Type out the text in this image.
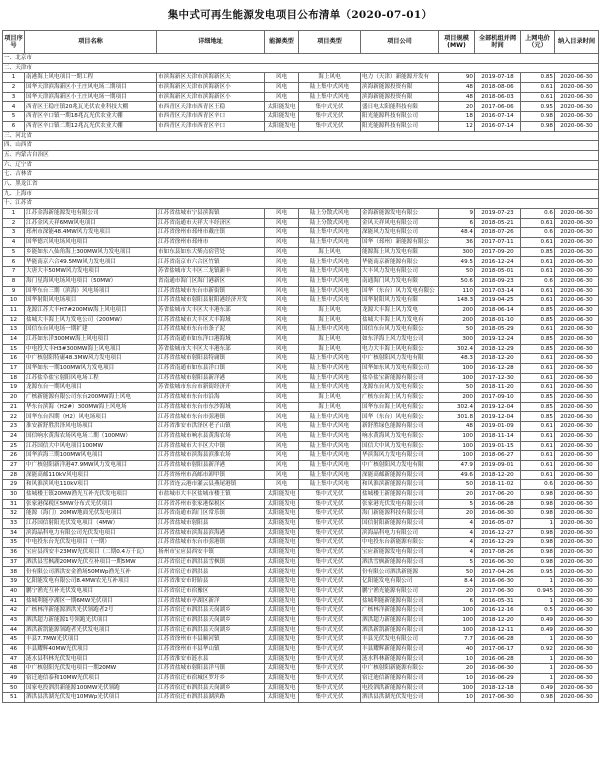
集中式可再生能源发电项目公布清单（2020-07-01）
项目序号	项目名称	详细地址	能源类型	项目类型	项目公司	项目规模(MW)	全部机组并网时间	上网电价（元）	纳入目录时间
一、北京市									
二、天津市									
1	南港海上风电项目一期工程	市滨海新区天津市滨海新区天	风电	海上风电	电力（天津）新能源开发有	90	2019-07-18	0.85	2020-06-30
2	国华天津滨海新区小王庄风电场二期项目	市滨海新区天津市滨海新区小	风电	陆上集中式风电	滨海新能源投资有限	48	2018-08-06	0.61	2020-06-30
3	国华天津滨海新区小王庄风电场一期项目	市滨海新区天津市滨海新区小	风电	陆上集中式风电	滨海新能源投资有限	48	2018-06-03	0.61	2020-06-30
4	西青区王稳庄镇20兆瓦光伏农业科技大棚	市西青区天津市西青区王稳	太阳能发电	集中式光伏	盛日电太阳能科技有限	20	2017-06-06	0.95	2020-06-30
5	西青区辛口镇一期18兆瓦光伏农业大棚	市西青区天津市西青区辛口	太阳能发电	集中式光伏	阳光能源科技有限公司	18	2016-07-14	0.98	2020-06-30
6	西青区辛口镇二期12兆瓦光伏农业大棚	市西青区天津市西青区辛口	太阳能发电	集中式光伏	阳光能源科技有限公司	12	2016-07-14	0.98	2020-06-30
三、河北省									
四、山西省									
五、内蒙古自治区									
六、辽宁省									
七、吉林省									
八、黑龙江省									
九、上海市									
十、江苏省									
1	江苏金海新能源发电有限公司	江苏省盐城市宁县滨海镇	风电	陆上分散式风电	金海新能源发电有限公	9	2019-07-23	0.6	2020-06-30
2	江苏金风天祥6MW风电项目	江苏省南通市天祥大丰经济区	风电	陆上分散式风电	金风天祥风电有限公司	6	2018-05-21	0.61	2020-06-30
3	邳州市深能48.4MW风力发电项目	江苏省徐州市邳州市戴庄镇	风电	陆上集中式风电	深能风力发电有限公司	48.4	2018-07-26	0.6	2020-06-30
4	国华德兴风电场风电项目	江苏省徐州市邳州市	风电	陆上集中式风电	国华（邳州）新能源有限公	36	2017-07-11	0.61	2020-06-30
5	乡能如东八仙角海上300MW风力发电项目	市如东县如东大柴点宿营处	风电	海上风电	能源海上风力发电有限	300	2017-09-20	0.85	2020-06-30
6	华能南京六合49.5MW风力发电项目	江苏省南京市六合区竹镇	风电	陆上集中式风电	华能南京新能源有限公	49.5	2016-12-24	0.61	2020-06-30
7	大唐大丰50MW风力发电项目	苏省盐城市大丰区三龙镇新丰	风电	陆上集中式风电	大丰风力发电有限公司	50	2018-05-01	0.61	2020-06-30
8	海门星海风电场风电项目（50MW）	省南通市海门区海门港新区	风电	陆上集中式风电	南通海门风力发电有限	50.6	2018-09-23	0.6	2020-06-30
9	国华东台三期（滨海）风电场项目	江苏省盐城市东台市新街镇	风电	陆上集中式风电	国华（东台）风力发电有限公	110	2017-03-14	0.61	2020-06-30
10	国华射阳风电场项目	江苏省盐城市射阳县射阳港经济开发	风电	陆上集中式风电	国华射阳风力发电有限	148.3	2019-04-25	0.61	2020-06-30
11	龙源江苏大丰H7#200MW海上风电项目	苏省盐城市大丰区大丰港东部	风电	海上风电	龙源大丰海上风力发电	200	2018-06-14	0.85	2020-06-30
12	盐城大丰海上风力发电公司（200MW）	江苏省盐城市大丰区大丰海域	风电	海上风电	盐城大丰海上风力发电有	200	2018-01-10	0.85	2020-06-30
13	国信东台风电场一期扩建	江苏省盐城市东台市条子泥	风电	陆上集中式风电	国信东台风力发电有限公	50	2018-05-29	0.61	2020-06-30
14	江苏如东洋300MW海上风电项目	江苏省南通市如东洋口港海域	风电	海上风电	如东洋海上风力发电公司	300	2019-12-24	0.85	2020-06-30
15	中电投大丰H3#300MW海上风电项目	苏省盐城市大丰区大丰港东部	风电	海上风电	电力大丰海上风电有限公	302.4	2018-12-29	0.85	2020-06-30
16	中广核射阳特庸48.3MW风力发电项目	江苏省盐城市射阳县特庸镇	风电	陆上集中式风电	中广核射阳风力发电有限	48.3	2018-12-20	0.61	2020-06-30
17	国华如东一期100MW风力发电项目	江苏省南通市如东县洋口镇	风电	陆上集中式风电	国华如东风力发电有限公司	100	2016-12-28	0.61	2020-06-30
18	江苏盐阜盐宝射阳风电场工程	江苏省盐城市射阳县新洋港	风电	陆上集中式风电	盐阜盐宝新能源有限公司	100	2017-12-30	0.61	2020-06-30
19	龙源东台一期风电项目	苏省盐城市东台市新街经济开	风电	陆上集中式风电	龙源东台风力发电有限公	50	2018-11-20	0.61	2020-06-30
20	广核新能源有限公司东台200MW海上风电	江苏省盐城市东台市沿海	风电	海上风电	广核东台海上风力有限公	200	2017-09-10	0.85	2020-06-30
21	华东台滨海（H2#）300MW海上风电场	江苏省盐城市东台市东沙海域	风电	海上风电	国华东台海上风电有限公	302.4	2019-12-04	0.85	2020-06-30
22	国华东台四期（H2）风电场项目	江苏省盐城市东台市弶港镇	风电	陆上集中式风电	国华（东台）风电有限公	301.8	2019-12-04	0.85	2020-06-30
23	淮安新舒胜洪泽风电场项目	江苏省淮安市洪泽区老子山镇	风电	陆上集中式风电	新舒胜绿色能源有限公司	48	2019-01-09	0.61	2020-06-30
24	国信响水黄海农场风电场二期（100MW）	江苏省盐城市响水县黄海农场	风电	陆上集中式风电	响水黄海风力发电有限公	100	2018-11-14	0.61	2020-06-30
25	江苏国信大中风电项目100MW	江苏省盐城市大丰区大中镇	风电	陆上集中式风电	国信大中风力发电有限公	100	2019-01-15	0.61	2020-06-30
26	国华滨海三期100MW风电项目	江苏省盐城市滨海县滨淮农场	风电	陆上集中式风电	华滨海风力发电有限公司	100	2018-06-27	0.61	2020-06-30
27	中广核射阳新洋港47.9MW风力发电项目	江苏省盐城市射阳县新洋港	风电	陆上集中式风电	中广核射阳风力发电有限	47.9	2019-09-01	0.61	2020-06-30
28	深能高邮110kV风电项目	江苏省扬州市高邮市卸甲镇	风电	陆上集中式风电	深能高邮新能源有限公司	49.6	2018-12-20	0.61	2020-06-30
29	和风淮滨风电110kV项目	江苏省连云港市灌云县燕尾港镇	风电	陆上集中式风电	和风淮滨新能源有限公司	50	2018-11-02	0.6	2020-06-30
30	盐城楼王镇20MW渔光互补光伏发电项目	市盐城市大丰区盐城市楼王镇	太阳能发电	集中式光伏	盐城楼王新能源有限公司	20	2017-06-20	0.98	2020-06-30
31	张家港保税区5MW分布式光伏项目	江苏省苏州市张家港保税区	太阳能发电	集中式光伏	张家港光伏发电有限公司	5	2016-06-28	0.98	2020-06-30
32	能源（海门）20MW地面光伏发电项目	江苏省南通市海门区常乐镇	太阳能发电	集中式光伏	海门新能源科技有限公司	20	2016-06-30	0.98	2020-06-30
33	江苏国信射阳光伏发电项目（4MW）	江苏省盐城市射阳县	太阳能发电	集中式光伏	国信射阳新能源有限公司	4	2016-05-07	1	2020-06-30
34	滨海晶科电力有限公司光伏发电项目	江苏省盐城市滨海县滨海港	太阳能发电	集中式光伏	滨海晶科电力有限公司	4	2016-12-27	0.98	2020-06-30
35	中电投东台光伏发电项目（一期）	江苏省盐城市东台市弶港镇	太阳能发电	集中式光伏	中电投东台新能源有限公	4	2016-12-29	0.98	2020-06-30
36	宝应县西安丰23MW光伏项目（二期0.4万千瓦）	扬州市宝应县西安丰镇	太阳能发电	集中式光伏	宝应新能源发电有限公司	4	2017-08-26	0.98	2020-06-30
37	泗洪县雪枫湖20MW光伏互补项目一期5MW	江苏省宿迁市泗洪县雪枫镇	太阳能发电	集中式光伏	泗洪雪枫新能源有限公司	5	2016-06-30	0.98	2020-06-30
38	份有限公司泗洪安金渔场50MWp渔光互补	江苏省宿迁市泗洪县	太阳能发电	集中式光伏	份有限公司泗洪新能源	50	2017-04-26	0.95	2020-06-30
39	亿阳能发电有限公司8.4MW农光互补项目	江苏省淮安市盱眙县	太阳能发电	集中式光伏	亿阳能发电有限公司	8.4	2016-06-30	1	2020-06-30
40	鹏宁渔光互补光伏发电项目	江苏省宿迁市宿豫区	太阳能发电	集中式光伏	鹏宁渔光能源有限公司	20	2017-06-30	0.945	2020-06-30
41	盐城利能亭湖区一期6MW光伏项目	江苏省盐城市亭湖区新洋	太阳能发电	集中式光伏	盐城利能新能源有限公司	6	2016-05-31	1	2020-06-30
42	广核林洋新能源泗洪光伏领跑者2号	江苏省宿迁市泗洪县天岗湖乡	太阳能发电	集中式光伏	广核林洋新能源有限公司	100	2016-12-16	0.5	2020-06-30
43	泗洪超力新能源1号领跑光伏项目	江苏省宿迁市泗洪县天岗湖乡	太阳能发电	集中式光伏	泗洪超力新能源有限公司	100	2018-12-20	0.49	2020-06-30
44	泗洪新凯能源领跑者光伏发电项目	江苏省宿迁市泗洪县天岗湖乡	太阳能发电	集中式光伏	泗洪新凯新能源有限公司	100	2018-12-11	0.49	2020-06-30
45	丰县7.7MW光伏项目	江苏省徐州市丰县顺河镇	太阳能发电	集中式光伏	丰县光伏发电有限公司	7.7	2016-06-28	1	2020-06-30
46	丰县耀辉40MW光伏项目	江苏省徐州市丰县华山镇	太阳能发电	集中式光伏	丰县耀辉新能源有限公司	40	2017-06-17	0.92	2020-06-30
47	涟水县科林光伏发电项目	江苏省淮安市涟水县	太阳能发电	集中式光伏	涟水科林新能源有限公司	10	2016-06-28	1	2020-06-30
48	中广核射阳光伏发电项目一期20MW	江苏省盐城市射阳县洋马镇	太阳能发电	集中式光伏	中广核射阳新能源有限公	20	2016-06-30	1	2020-06-30
49	宿迁迪信泰和10MW光伏项目	江苏省宿迁市宿城区罗圩乡	太阳能发电	集中式光伏	宿迁迪信新能源有限公司	10	2016-06-29	1	2020-06-30
50	国家电投泗洪新能源100MW光伏领跑	江苏省宿迁市泗洪县天岗湖乡	太阳能发电	集中式光伏	电投泗洪新能源有限公司	100	2018-12-18	0.49	2020-06-30
51	泗洪县洪湖光伏发电10MWp光伏项目	江苏省宿迁市泗洪县湖滨路	太阳能发电	集中式光伏	泗洪县洪湖光伏发电公司	10	2017-06-30	0.98	2020-06-30
